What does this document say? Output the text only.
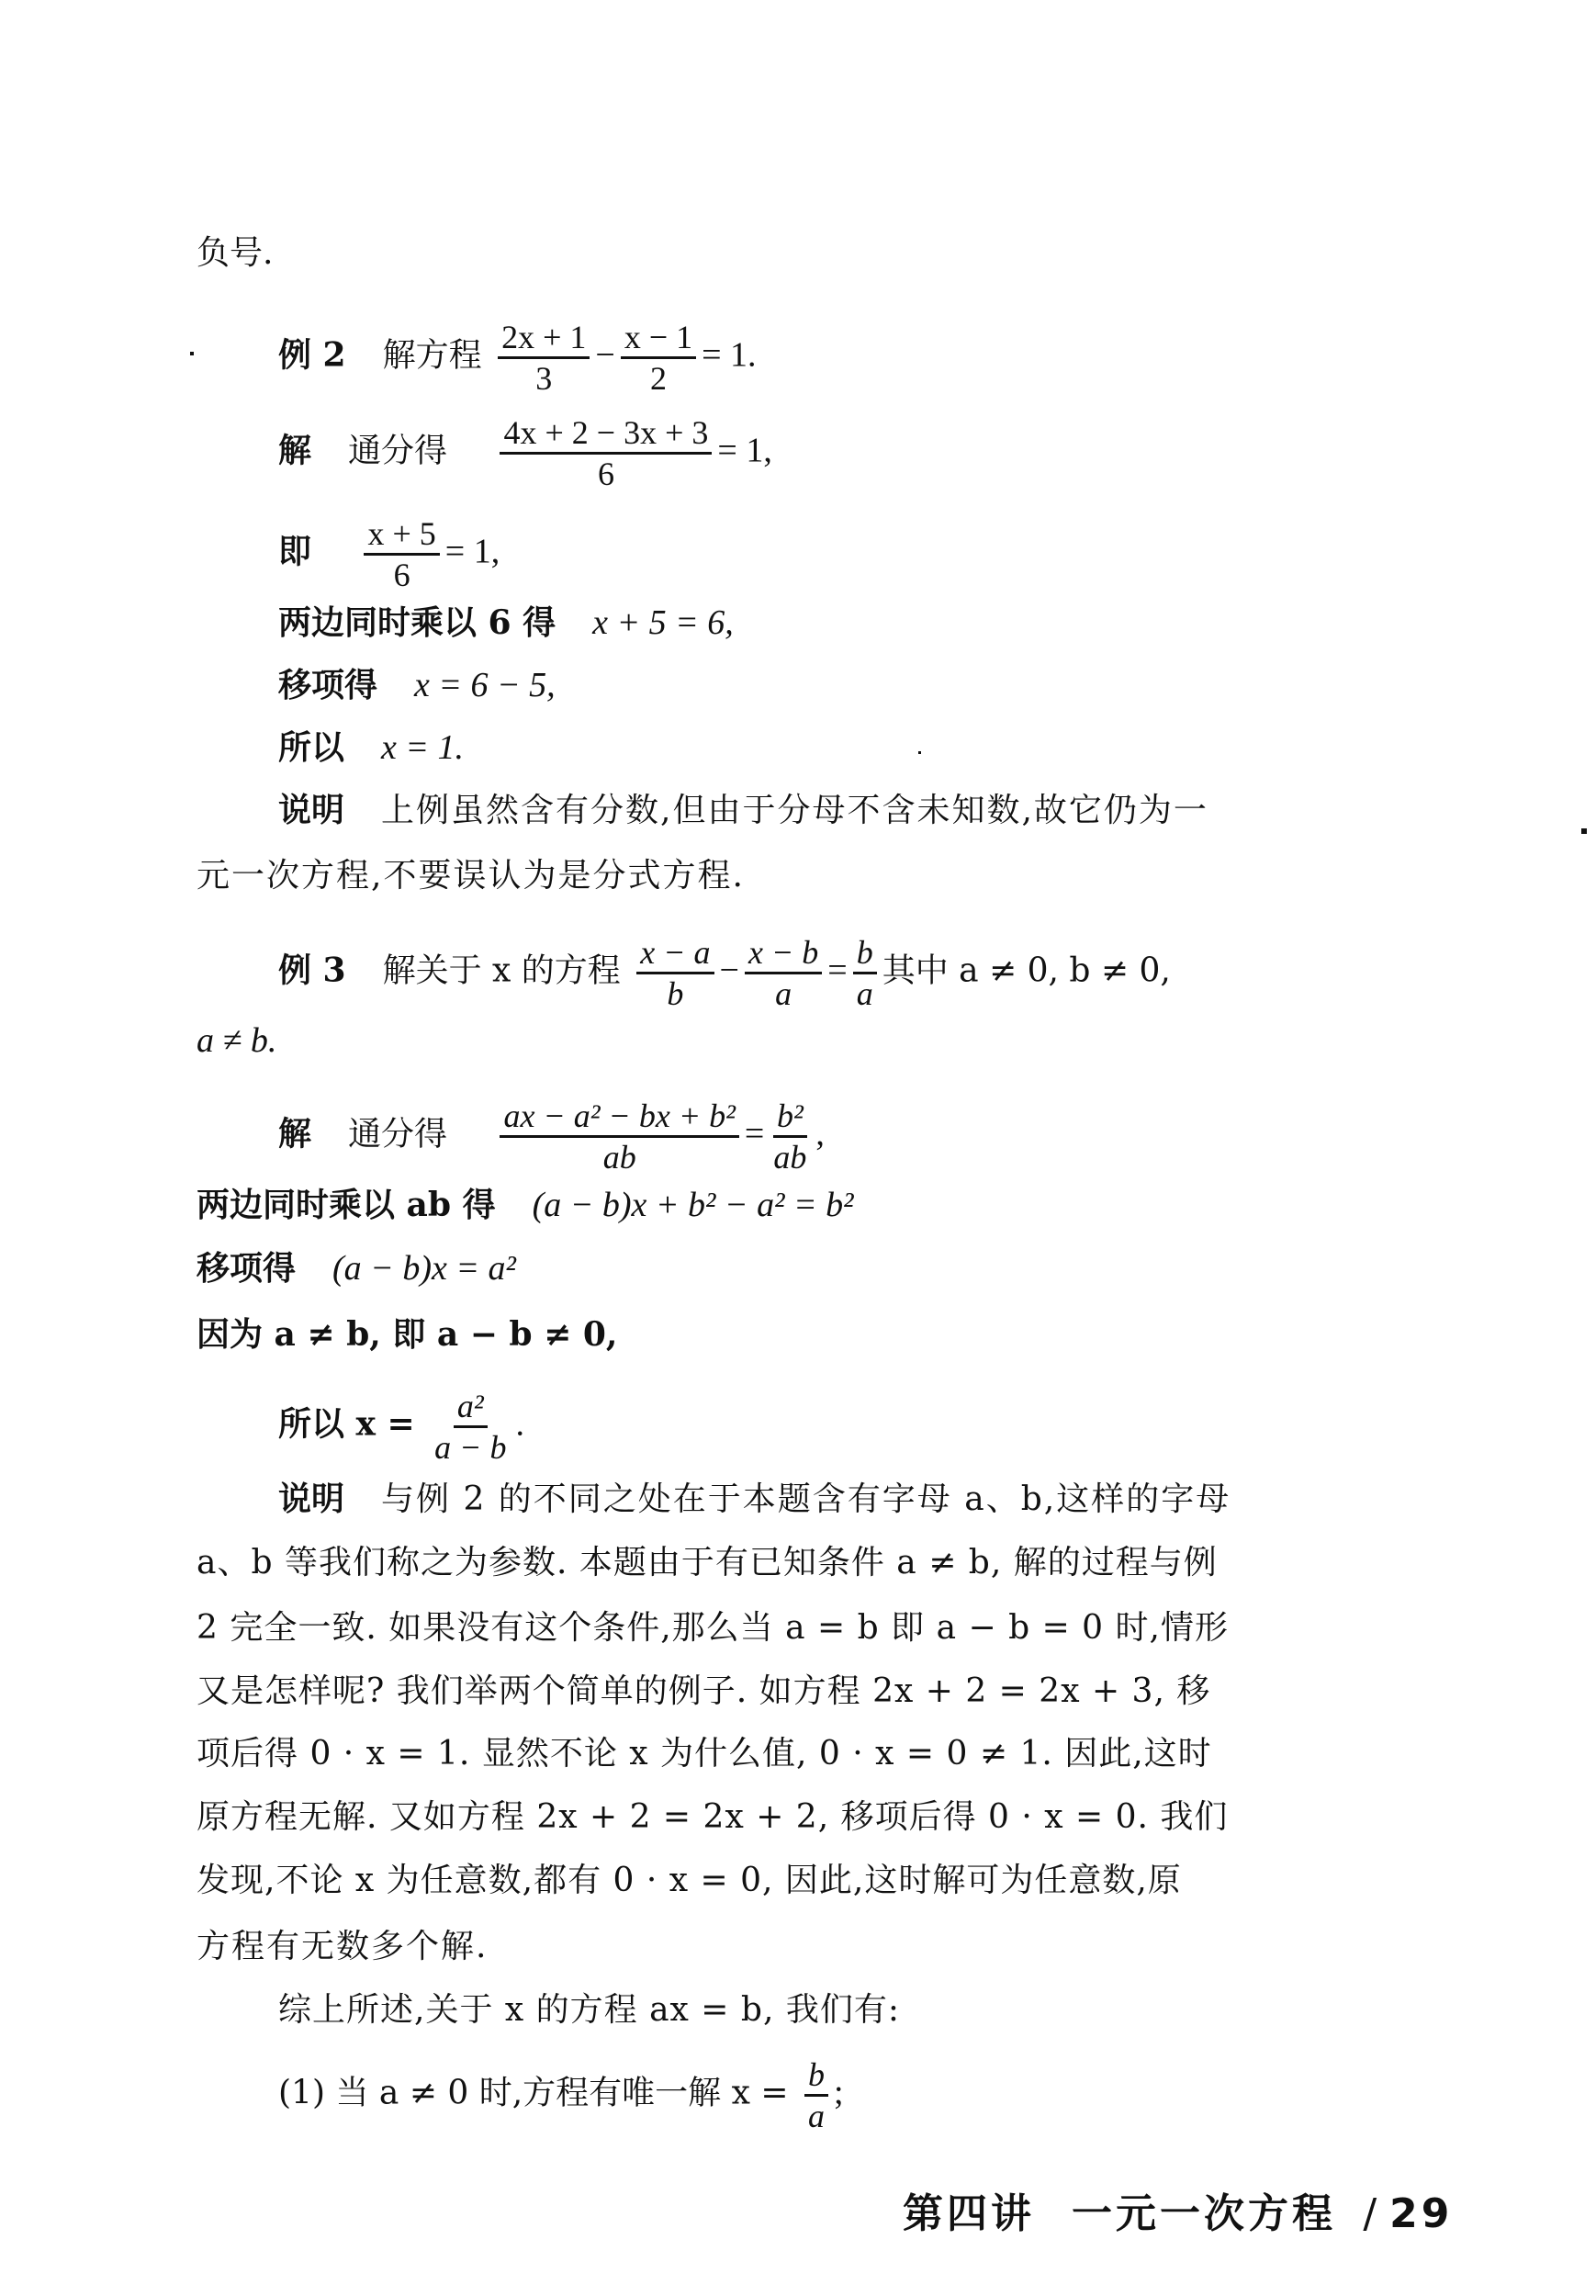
负号.
例 2 解方程 $\frac{2x + 1}{3} - \frac{x - 1}{2} = 1$.
解 通分得 $\frac{4x + 2 - 3x + 3}{6} = 1$,
即 $\frac{x + 5}{6} = 1$,
两边同时乘以 6 得 x + 5 = 6,
移项得 x = 6 − 5,
所以 x = 1.
说明 上例虽然含有分数,但由于分母不含未知数,故它仍为一
元一次方程,不要误认为是分式方程.
例 3 解关于 x 的方程 $\frac{x - a}{b} - \frac{x - b}{a} = \frac{b}{a}$ 其中 a ≠ 0, b ≠ 0,
a ≠ b.
解 通分得 $\frac{\text{ax − a² − bx + b²}}{ab} = \frac{\text{b²}}{ab}$ ,
两边同时乘以 ab 得 (a − b)x + b² − a² = b²
移项得 (a − b)x = a²
因为 a ≠ b, 即 a − b ≠ 0,
所以 $x = \frac{\text{a²}}{a - b}$ .
说明 与例 2 的不同之处在于本题含有字母 a、b,这样的字母
a、b 等我们称之为参数. 本题由于有已知条件 a ≠ b, 解的过程与例
2 完全一致. 如果没有这个条件,那么当 a = b 即 a − b = 0 时,情形
又是怎样呢? 我们举两个简单的例子. 如方程 2x + 2 = 2x + 3, 移
项后得 0 · x = 1. 显然不论 x 为什么值, 0 · x = 0 ≠ 1. 因此,这时
原方程无解. 又如方程 2x + 2 = 2x + 2, 移项后得 0 · x = 0. 我们
发现,不论 x 为任意数,都有 0 · x = 0, 因此,这时解可为任意数,原
方程有无数多个解.
综上所述,关于 x 的方程 ax = b, 我们有:
(1) 当 a ≠ 0 时,方程有唯一解 $x = \frac{b}{a}$ ;
第四讲 一元一次方程 / 29
